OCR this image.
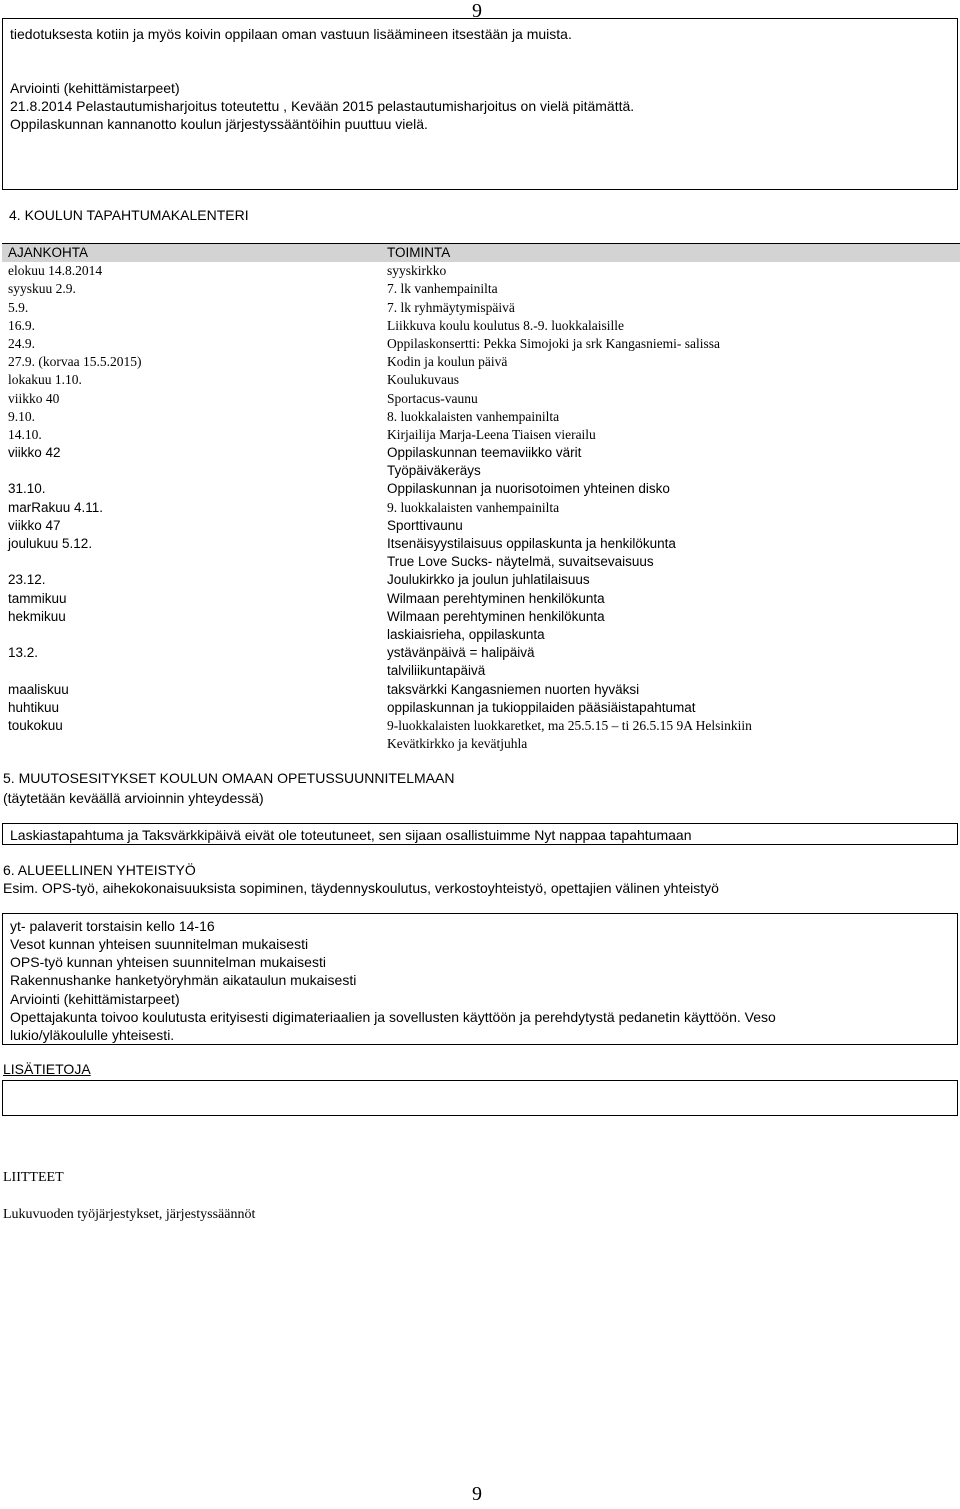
9
tiedotuksesta kotiin ja myös koivin oppilaan oman vastuun lisäämineen itsestään ja muista.
Arviointi (kehittämistarpeet)
21.8.2014 Pelastautumisharjoitus toteutettu , Kevään 2015 pelastautumisharjoitus on vielä pitämättä.
Oppilaskunnan kannanotto koulun järjestyssääntöihin puuttuu vielä.
4. KOULUN TAPAHTUMAKALENTERI
AJANKOHTA	TOIMINTA
elokuu 14.8.2014	syyskirkko
syyskuu 2.9.	7. lk vanhempainilta
5.9.	7. lk ryhmäytymispäivä
16.9.	Liikkuva koulu koulutus 8.-9. luokkalaisille
24.9.	Oppilaskonsertti: Pekka Simojoki ja srk Kangasniemi- salissa
27.9. (korvaa 15.5.2015)	Kodin ja koulun päivä
lokakuu 1.10.	Koulukuvaus
viikko 40	Sportacus-vaunu
9.10.	8. luokkalaisten vanhempainilta
14.10.	Kirjailija Marja-Leena Tiaisen vierailu
viikko 42	Oppilaskunnan teemaviikko värit
	Työpäiväkeräys
31.10.	Oppilaskunnan ja nuorisotoimen yhteinen disko
marRakuu 4.11.	9. luokkalaisten vanhempainilta
viikko 47	Sporttivaunu
joulukuu 5.12.	Itsenäisyystilaisuus oppilaskunta ja henkilökunta
	True Love Sucks- näytelmä, suvaitsevaisuus
23.12.	Joulukirkko ja joulun juhlatilaisuus
tammikuu	Wilmaan perehtyminen henkilökunta
hekmikuu	Wilmaan perehtyminen henkilökunta
	laskiaisrieha, oppilaskunta
13.2.	ystävänpäivä = halipäivä
	talviliikuntapäivä
maaliskuu	taksvärkki Kangasniemen nuorten hyväksi
huhtikuu	oppilaskunnan ja tukioppilaiden pääsiäistapahtumat
toukokuu	9-luokkalaisten luokkaretket, ma 25.5.15 – ti 26.5.15 9A Helsinkiin
	Kevätkirkko ja kevätjuhla
5. MUUTOSESITYKSET KOULUN OMAAN OPETUSSUUNNITELMAAN
(täytetään keväällä arvioinnin yhteydessä)
Laskiastapahtuma ja Taksvärkkipäivä eivät ole toteutuneet, sen sijaan osallistuimme Nyt nappaa tapahtumaan
6. ALUEELLINEN YHTEISTYÖ
Esim. OPS-työ, aihekokonaisuuksista sopiminen, täydennyskoulutus, verkostoyhteistyö, opettajien välinen yhteistyö
yt- palaverit torstaisin kello 14-16
Vesot kunnan yhteisen suunnitelman mukaisesti
OPS-työ kunnan yhteisen suunnitelman mukaisesti
Rakennushanke hanketyöryhmän aikataulun mukaisesti
Arviointi (kehittämistarpeet)
Opettajakunta toivoo koulutusta erityisesti digimateriaalien ja sovellusten käyttöön ja perehdytystä pedanetin käyttöön. Veso
lukio/yläkoululle yhteisesti.
LISÄTIETOJA
LIITTEET
Lukuvuoden työjärjestykset, järjestyssäännöt
9
